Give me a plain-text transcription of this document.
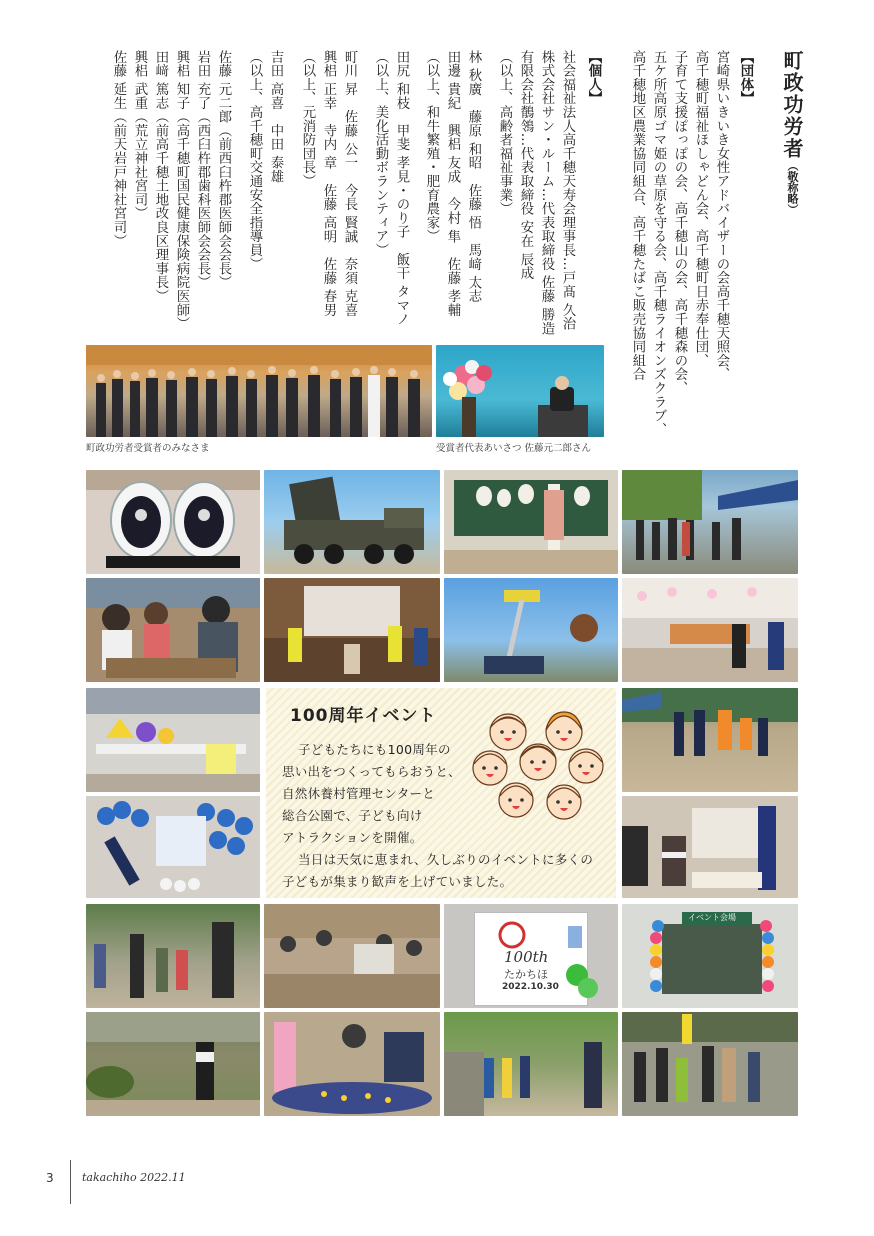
町政功労者（敬称略）
【団体】
宮崎県いきいき女性アドバイザーの会高千穂天照会、
高千穂町福祉ほしゃどん会、高千穂町日赤奉仕団、
子育て支援ぽっぽの会、高千穂山の会、高千穂森の会、
五ケ所高原ゴマ姫の草原を守る会、高千穂ライオンズクラブ、
高千穂地区農業協同組合、高千穂たばこ販売協同組合
【個人】
社会福祉法人高千穂天寿会理事長…戸髙 久治
株式会社サン・ルーム…代表取締役 佐藤 勝造
有限会社鶺鴒…代表取締役 安在 辰成
（以上、高齢者福祉事業）
林 秋廣　藤原 和昭　佐藤 悟　馬﨑 太志
田邊 貴紀　興梠 友成　今村 隼　佐藤 孝輔
（以上、和牛繁殖・肥育農家）
田尻 和枝　甲斐 孝見・のり子　飯干 タマノ
（以上、美化活動ボランティア）
町川 昇　佐藤 公一　今長 賢誠　奈須 克喜
興梠 正幸　寺内 章　佐藤 高明　佐藤 春男
（以上、元消防団長）
吉田 高喜　中田 泰雄
（以上、高千穂町交通安全指導員）
佐藤 元二郎（前西臼杵郡医師会会長）
岩田 充了（西臼杵郡歯科医師会会長）
興梠 知子（高千穂町国民健康保険病院医師）
田﨑 篤志（前高千穂土地改良区理事長）
興梠 武重（荒立神社宮司）
佐藤 延生（前天岩戸神社宮司）
町政功労者受賞者のみなさま	受賞者代表あいさつ 佐藤元二郎さん
100周年イベント
子どもたちにも100周年の
思い出をつくってもらおうと、
自然休養村管理センターと
総合公園で、子ども向け
アトラクションを開催。
当日は天気に恵まれ、久しぶりのイベントに多くの
子どもが集まり歓声を上げていました。
100th
たかちほ
2022.10.30
イベント会場
3	takachiho 2022.11
